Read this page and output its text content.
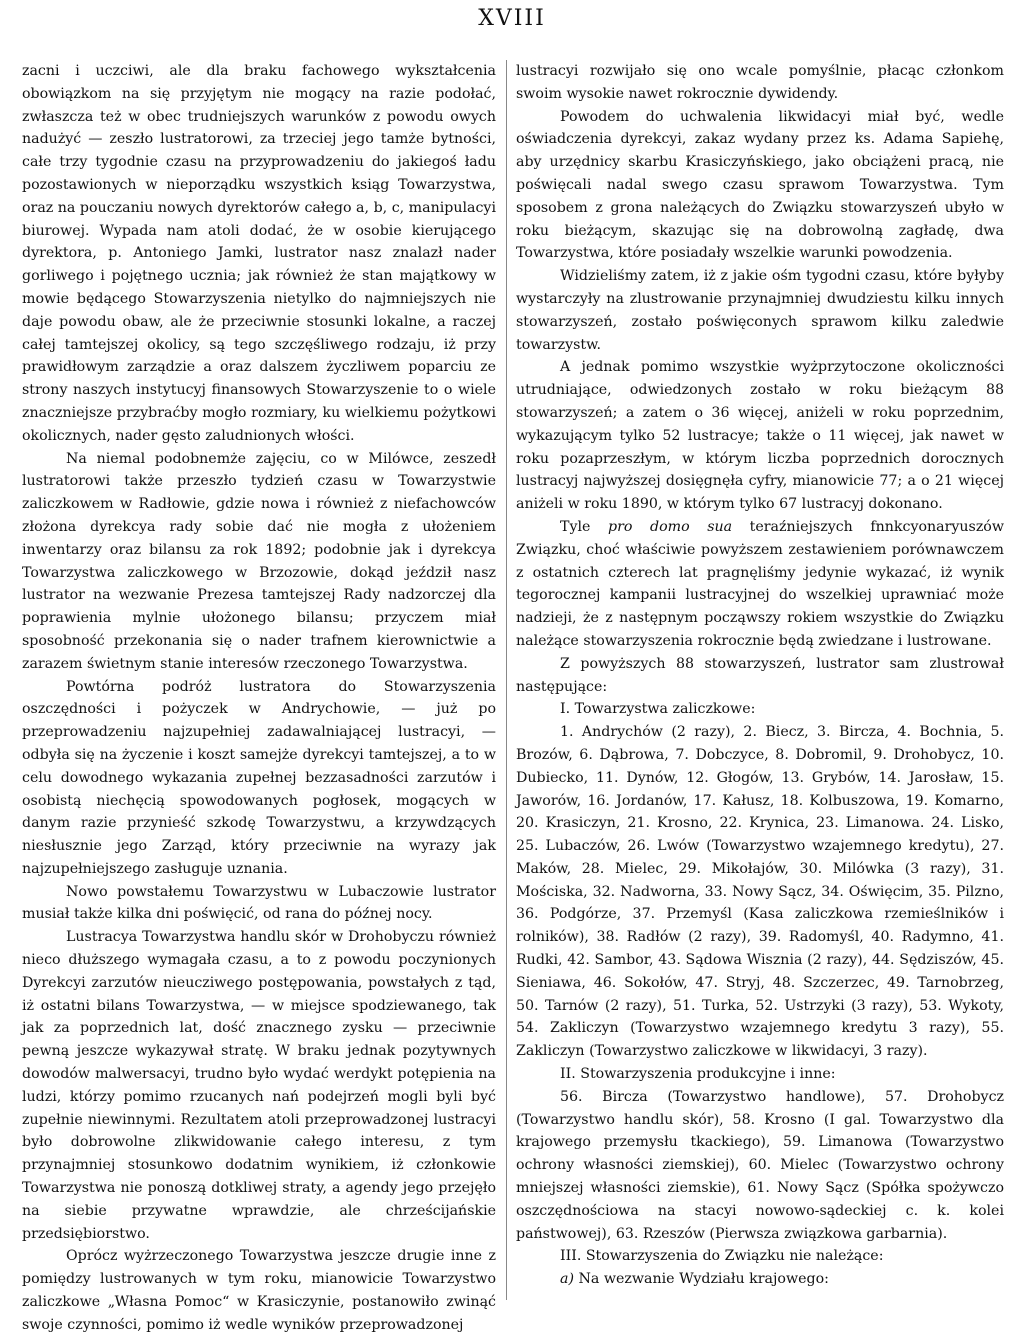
XVIII

zacni i uczciwi, ale dla braku fachowego wykształcenia obowiązkom na się przyjętym nie mogący na razie podołać, zwłaszcza też w obec trudniejszych warunków z powodu owych nadużyć — zeszło lustratorowi, za trzeciej jego tamże bytności, całe trzy tygodnie czasu na przyprowadzeniu do jakiegoś ładu pozostawionych w nieporządku wszystkich ksiąg Towarzystwa, oraz na pouczaniu nowych dyrektorów całego a, b, c, manipulacyi biurowej. Wypada nam atoli dodać, że w osobie kierującego dyrektora, p. Antoniego Jamki, lustrator nasz znalazł nader gorliwego i pojętnego ucznia; jak również że stan majątkowy w mowie będącego Stowarzyszenia nietylko do najmniejszych nie daje powodu obaw, ale że przeciwnie stosunki lokalne, a raczej całej tamtejszej okolicy, są tego szczęśliwego rodzaju, iż przy prawidłowym zarządzie a oraz dalszem życzliwem poparciu ze strony naszych instytucyj finansowych Stowarzyszenie to o wiele znaczniejsze przybraćby mogło rozmiary, ku wielkiemu pożytkowi okolicznych, nader gęsto zaludnionych włości.

Na niemal podobnemże zajęciu, co w Milówce, zeszedł lustratorowi także przeszło tydzień czasu w Towarzystwie zaliczkowem w Radłowie, gdzie nowa i również z niefachowców złożona dyrekcya rady sobie dać nie mogła z ułożeniem inwentarzy oraz bilansu za rok 1892; podobnie jak i dyrekcya Towarzystwa zaliczkowego w Brzozowie, dokąd jeździł nasz lustrator na wezwanie Prezesa tamtejszej Rady nadzorczej dla poprawienia mylnie ułożonego bilansu; przyczem miał sposobność przekonania się o nader trafnem kierownictwie a zarazem świetnym stanie interesów rzeczonego Towarzystwa.

Powtórna podróż lustratora do Stowarzyszenia oszczędności i pożyczek w Andrychowie, — już po przeprowadzeniu najzupełniej zadawalniającej lustracyi, — odbyła się na życzenie i koszt samejże dyrekcyi tamtejszej, a to w celu dowodnego wykazania zupełnej bezzasadności zarzutów i osobistą niechęcią spowodowanych pogłosek, mogących w danym razie przynieść szkodę Towarzystwu, a krzywdzących niesłusznie jego Zarząd, który przeciwnie na wyrazy jak najzupełniejszego zasługuje uznania.

Nowo powstałemu Towarzystwu w Lubaczowie lustrator musiał także kilka dni poświęcić, od rana do późnej nocy.

Lustracya Towarzystwa handlu skór w Drohobyczu również nieco dłuższego wymagała czasu, a to z powodu poczynionych Dyrekcyi zarzutów nieucziwego postępowania, powstałych z tąd, iż ostatni bilans Towarzystwa, — w miejsce spodziewanego, tak jak za poprzednich lat, dość znacznego zysku — przeciwnie pewną jeszcze wykazywał stratę. W braku jednak pozytywnych dowodów malwersacyi, trudno było wydać werdykt potępienia na ludzi, którzy pomimo rzucanych nań podejrzeń mogli byli być zupełnie niewinnymi. Rezultatem atoli przeprowadzonej lustracyi było dobrowolne zlikwidowanie całego interesu, z tym przynajmniej stosunkowo dodatnim wynikiem, iż członkowie Towarzystwa nie ponoszą dotkliwej straty, a agendy jego przejęło na siebie przywatne wprawdzie, ale chrześcijańskie przedsiębiorstwo.

Oprócz wyżrzeczonego Towarzystwa jeszcze drugie inne z pomiędzy lustrowanych w tym roku, mianowicie Towarzystwo zaliczkowe „Własna Pomoc“ w Krasiczynie, postanowiło zwinąć swoje czynności, pomimo iż wedle wyników przeprowadzonej

lustracyi rozwijało się ono wcale pomyślnie, płacąc członkom swoim wysokie nawet rokrocznie dywidendy.

Powodem do uchwalenia likwidacyi miał być, wedle oświadczenia dyrekcyi, zakaz wydany przez ks. Adama Sapiehę, aby urzędnicy skarbu Krasiczyńskiego, jako obciążeni pracą, nie poświęcali nadal swego czasu sprawom Towarzystwa. Tym sposobem z grona należących do Związku stowarzyszeń ubyło w roku bieżącym, skazując się na dobrowolną zagładę, dwa Towarzystwa, które posiadały wszelkie warunki powodzenia.

Widzieliśmy zatem, iż z jakie ośm tygodni czasu, które byłyby wystarczyły na zlustrowanie przynajmniej dwudziestu kilku innych stowarzyszeń, zostało poświęconych sprawom kilku zaledwie towarzystw.

A jednak pomimo wszystkie wyżprzytoczone okoliczności utrudniające, odwiedzonych zostało w roku bieżącym 88 stowarzyszeń; a zatem o 36 więcej, aniżeli w roku poprzednim, wykazującym tylko 52 lustracye; także o 11 więcej, jak nawet w roku pozaprzeszłym, w którym liczba poprzednich dorocznych lustracyj najwyższej dosięgnęła cyfry, mianowicie 77; a o 21 więcej aniżeli w roku 1890, w którym tylko 67 lustracyj dokonano.

Tyle pro domo sua teraźniejszych fnnkcyonaryuszów Związku, choć właściwie powyższem zestawieniem porównawczem z ostatnich czterech lat pragnęliśmy jedynie wykazać, iż wynik tegorocznej kampanii lustracyjnej do wszelkiej uprawniać może nadzieji, że z następnym począwszy rokiem wszystkie do Związku należące stowarzyszenia rokrocznie będą zwiedzane i lustrowane.

Z powyższych 88 stowarzyszeń, lustrator sam zlustrował następujące:

I. Towarzystwa zaliczkowe:

1. Andrychów (2 razy), 2. Biecz, 3. Bircza, 4. Bochnia, 5. Brozów, 6. Dąbrowa, 7. Dobczyce, 8. Dobromil, 9. Drohobycz, 10. Dubiecko, 11. Dynów, 12. Głogów, 13. Grybów, 14. Jarosław, 15. Jaworów, 16. Jordanów, 17. Kałusz, 18. Kolbuszowa, 19. Komarno, 20. Krasiczyn, 21. Krosno, 22. Krynica, 23. Limanowa. 24. Lisko, 25. Lubaczów, 26. Lwów (Towarzystwo wzajemnego kredytu), 27. Maków, 28. Mielec, 29. Mikołajów, 30. Milówka (3 razy), 31. Mościska, 32. Nadworna, 33. Nowy Sącz, 34. Oświęcim, 35. Pilzno, 36. Podgórze, 37. Przemyśl (Kasa zaliczkowa rzemieślników i rolników), 38. Radłów (2 razy), 39. Radomyśl, 40. Radymno, 41. Rudki, 42. Sambor, 43. Sądowa Wisznia (2 razy), 44. Sędziszów, 45. Sieniawa, 46. Sokołów, 47. Stryj, 48. Szczerzec, 49. Tarnobrzeg, 50. Tarnów (2 razy), 51. Turka, 52. Ustrzyki (3 razy), 53. Wykoty, 54. Zakliczyn (Towarzystwo wzajemnego kredytu 3 razy), 55. Zakliczyn (Towarzystwo zaliczkowe w likwidacyi, 3 razy).

II. Stowarzyszenia produkcyjne i inne:

56. Bircza (Towarzystwo handlowe), 57. Drohobycz (Towarzystwo handlu skór), 58. Krosno (I gal. Towarzystwo dla krajowego przemysłu tkackiego), 59. Limanowa (Towarzystwo ochrony własności ziemskiej), 60. Mielec (Towarzystwo ochrony mniejszej własności ziemskie), 61. Nowy Sącz (Spółka spożywczo oszczędnościowa na stacyi nowowo-sądeckiej c. k. kolei państwowej), 63. Rzeszów (Pierwsza związkowa garbarnia).

III. Stowarzyszenia do Związku nie należące:

a) Na wezwanie Wydziału krajowego:
